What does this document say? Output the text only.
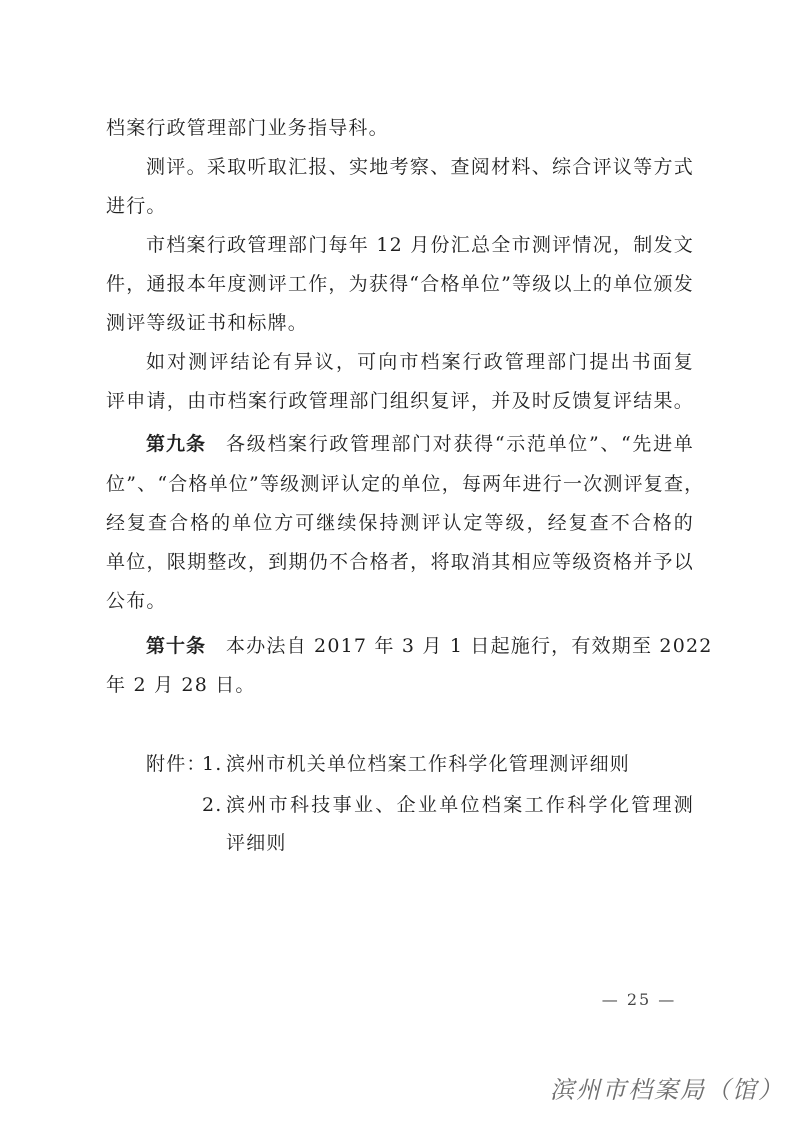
档案行政管理部门业务指导科。
测评。采取听取汇报、实地考察、查阅材料、综合评议等方式
进行。
市档案行政管理部门每年 12 月份汇总全市测评情况，制发文
件，通报本年度测评工作，为获得“合格单位”等级以上的单位颁发
测评等级证书和标牌。
如对测评结论有异议，可向市档案行政管理部门提出书面复
评申请，由市档案行政管理部门组织复评，并及时反馈复评结果。
第九条 各级档案行政管理部门对获得“示范单位”、“先进单
位”、“合格单位”等级测评认定的单位，每两年进行一次测评复查，
经复查合格的单位方可继续保持测评认定等级，经复查不合格的
单位，限期整改，到期仍不合格者，将取消其相应等级资格并予以
公布。
第十条 本办法自 2017 年 3 月 1 日起施行，有效期至 2022
年 2 月 28 日。
附件：
1. 滨州市机关单位档案工作科学化管理测评细则
2. 滨州市科技事业、企业单位档案工作科学化管理测
评细则
— 25 —
滨州市档案局（馆）
